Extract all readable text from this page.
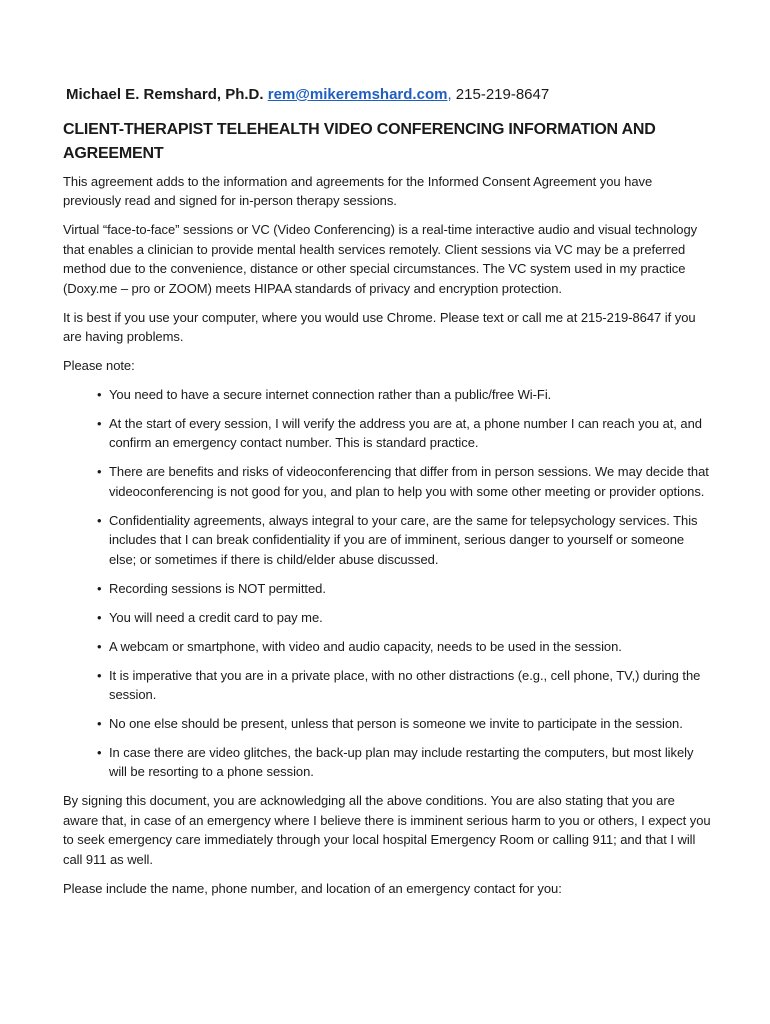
Michael E. Remshard, Ph.D. rem@mikeremshard.com, 215-219-8647
CLIENT-THERAPIST TELEHEALTH VIDEO CONFERENCING INFORMATION AND AGREEMENT

This agreement adds to the information and agreements for the Informed Consent Agreement you have previously read and signed for in-person therapy sessions.

Virtual “face-to-face” sessions or VC (Video Conferencing) is a real-time interactive audio and visual technology that enables a clinician to provide mental health services remotely. Client sessions via VC may be a preferred method due to the convenience, distance or other special circumstances. The VC system used in my practice (Doxy.me – pro or ZOOM) meets HIPAA standards of privacy and encryption protection.

It is best if you use your computer, where you would use Chrome. Please text or call me at 215-219-8647 if you are having problems.

Please note:

• You need to have a secure internet connection rather than a public/free Wi-Fi.
• At the start of every session, I will verify the address you are at, a phone number I can reach you at, and confirm an emergency contact number. This is standard practice.
• There are benefits and risks of videoconferencing that differ from in person sessions. We may decide that videoconferencing is not good for you, and plan to help you with some other meeting or provider options.
• Confidentiality agreements, always integral to your care, are the same for telepsychology services. This includes that I can break confidentiality if you are of imminent, serious danger to yourself or someone else; or sometimes if there is child/elder abuse discussed.
• Recording sessions is NOT permitted.
• You will need a credit card to pay me.
• A webcam or smartphone, with video and audio capacity, needs to be used in the session.
• It is imperative that you are in a private place, with no other distractions (e.g., cell phone, TV,) during the session.
• No one else should be present, unless that person is someone we invite to participate in the session.
• In case there are video glitches, the back-up plan may include restarting the computers, but most likely will be resorting to a phone session.

By signing this document, you are acknowledging all the above conditions. You are also stating that you are aware that, in case of an emergency where I believe there is imminent serious harm to you or others, I expect you to seek emergency care immediately through your local hospital Emergency Room or calling 911; and that I will call 911 as well.

Please include the name, phone number, and location of an emergency contact for you:
